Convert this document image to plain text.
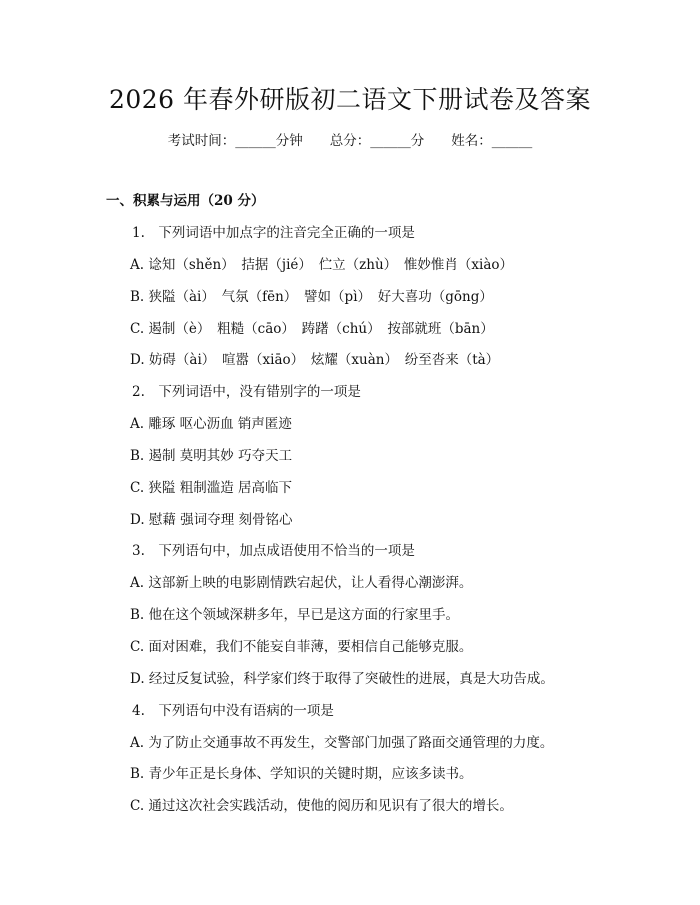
2026 年春外研版初二语文下册试卷及答案
考试时间：______分钟　　总分：______分　　姓名：______
一、积累与运用（20 分）
1.　下列词语中加点字的注音完全正确的一项是
A. 谂知（shěn）　拮据（jié）　伫立（zhù）　惟妙惟肖（xiào）
B. 狭隘（ài）　气氛（fēn）　譬如（pì）　好大喜功（gōng）
C. 遏制（è）　粗糙（cāo）　踌躇（chú）　按部就班（bān）
D. 妨碍（ài）　喧嚣（xiāo）　炫耀（xuàn）　纷至沓来（tà）
2.　下列词语中，没有错别字的一项是
A. 雕琢 呕心沥血 销声匿迹
B. 遏制 莫明其妙 巧夺天工
C. 狭隘 粗制滥造 居高临下
D. 慰藉 强词夺理 刻骨铭心
3.　下列语句中，加点成语使用不恰当的一项是
A. 这部新上映的电影剧情跌宕起伏，让人看得心潮澎湃。
B. 他在这个领域深耕多年，早已是这方面的行家里手。
C. 面对困难，我们不能妄自菲薄，要相信自己能够克服。
D. 经过反复试验，科学家们终于取得了突破性的进展，真是大功告成。
4.　下列语句中没有语病的一项是
A. 为了防止交通事故不再发生，交警部门加强了路面交通管理的力度。
B. 青少年正是长身体、学知识的关键时期，应该多读书。
C. 通过这次社会实践活动，使他的阅历和见识有了很大的增长。
